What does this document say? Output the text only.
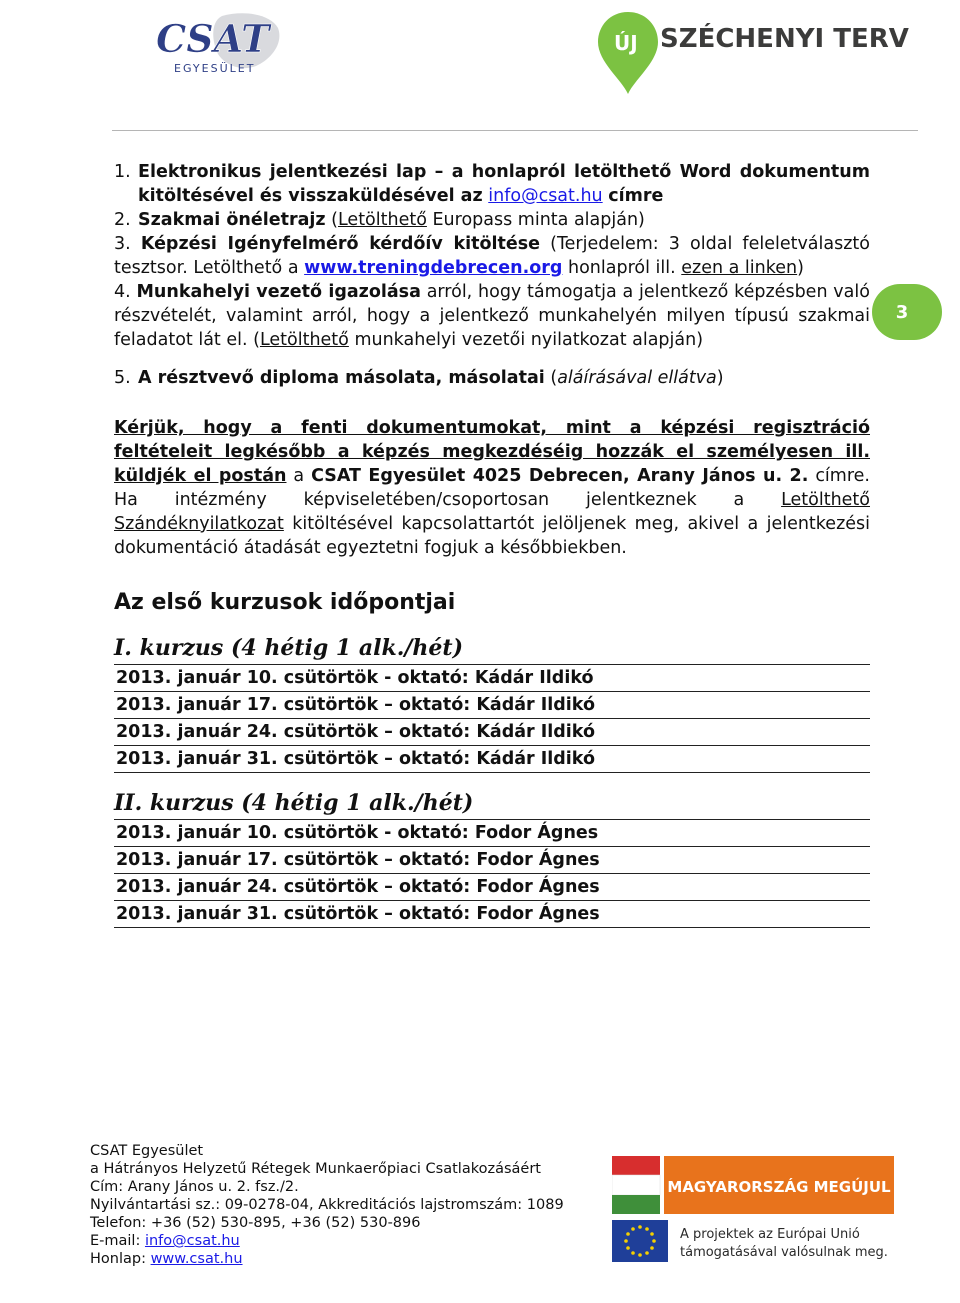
CSAT
EGYESÜLET
ÚJ SZÉCHENYI TERV
1. Elektronikus jelentkezési lap – a honlapról letölthető Word dokumentum kitöltésével és visszaküldésével az info@csat.hu címre
2. Szakmai önéletrajz (Letölthető Europass minta alapján)
3. Képzési Igényfelmérő kérdőív kitöltése (Terjedelem: 3 oldal feleletválasztó tesztsor. Letölthető a www.treningdebrecen.org honlapról ill. ezen a linken)
4. Munkahelyi vezető igazolása arról, hogy támogatja a jelentkező képzésben való részvételét, valamint arról, hogy a jelentkező munkahelyén milyen típusú szakmai feladatot lát el. (Letölthető munkahelyi vezetői nyilatkozat alapján)
5. A résztvevő diploma másolata, másolatai (aláírásával ellátva)

Kérjük, hogy a fenti dokumentumokat, mint a képzési regisztráció feltételeit legkésőbb a képzés megkezdéséig hozzák el személyesen ill. küldjék el postán a CSAT Egyesület 4025 Debrecen, Arany János u. 2. címre. Ha intézmény képviseletében/csoportosan jelentkeznek a Letölthető Szándéknyilatkozat kitöltésével kapcsolattartót jelöljenek meg, akivel a jelentkezési dokumentáció átadását egyeztetni fogjuk a későbbiekben.

Az első kurzusok időpontjai
I. kurzus (4 hétig 1 alk./hét)
2013. január 10. csütörtök - oktató: Kádár Ildikó
2013. január 17. csütörtök – oktató: Kádár Ildikó
2013. január 24. csütörtök – oktató: Kádár Ildikó
2013. január 31. csütörtök – oktató: Kádár Ildikó
II. kurzus (4 hétig 1 alk./hét)
2013. január 10. csütörtök - oktató: Fodor Ágnes
2013. január 17. csütörtök – oktató: Fodor Ágnes
2013. január 24. csütörtök – oktató: Fodor Ágnes
2013. január 31. csütörtök – oktató: Fodor Ágnes
3
CSAT Egyesület
a Hátrányos Helyzetű Rétegek Munkaerőpiaci Csatlakozásáért
Cím: Arany János u. 2. fsz./2.
Nyilvántartási sz.: 09-0278-04, Akkreditációs lajstromszám: 1089
Telefon: +36 (52) 530-895, +36 (52) 530-896
E-mail: info@csat.hu
Honlap: www.csat.hu
MAGYARORSZÁG MEGÚJUL
A projektek az Európai Unió
támogatásával valósulnak meg.
